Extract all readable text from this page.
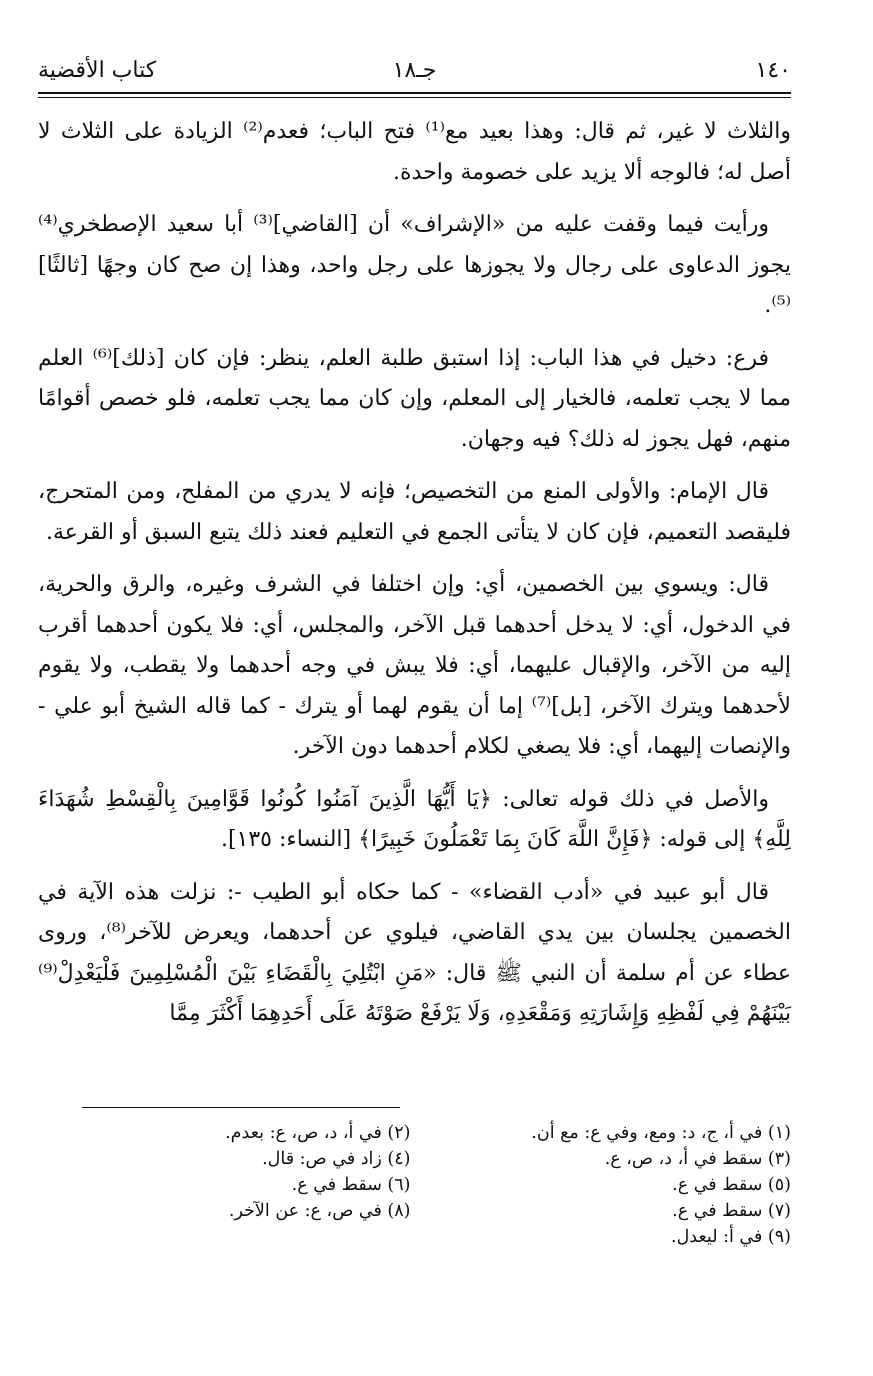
١٤٠
جـ١٨
كتاب الأقضية

والثلاث لا غير، ثم قال: وهذا بعيد مع⁽¹⁾ فتح الباب؛ فعدم⁽²⁾ الزيادة على الثلاث لا أصل له؛ فالوجه ألا يزيد على خصومة واحدة.

ورأيت فيما وقفت عليه من «الإشراف» أن [القاضي]⁽³⁾ أبا سعيد الإصطخري⁽⁴⁾ يجوز الدعاوى على رجال ولا يجوزها على رجل واحد، وهذا إن صح كان وجهًا [ثالثًا]⁽⁵⁾.

فرع: دخيل في هذا الباب: إذا استبق طلبة العلم، ينظر: فإن كان [ذلك]⁽⁶⁾ العلم مما لا يجب تعلمه، فالخيار إلى المعلم، وإن كان مما يجب تعلمه، فلو خصص أقوامًا منهم، فهل يجوز له ذلك؟ فيه وجهان.

قال الإمام: والأولى المنع من التخصيص؛ فإنه لا يدري من المفلح، ومن المتحرج، فليقصد التعميم، فإن كان لا يتأتى الجمع في التعليم فعند ذلك يتبع السبق أو القرعة.

قال: ويسوي بين الخصمين، أي: وإن اختلفا في الشرف وغيره، والرق والحرية، في الدخول، أي: لا يدخل أحدهما قبل الآخر، والمجلس، أي: فلا يكون أحدهما أقرب إليه من الآخر، والإقبال عليهما، أي: فلا يبش في وجه أحدهما ولا يقطب، ولا يقوم لأحدهما ويترك الآخر، [بل]⁽⁷⁾ إما أن يقوم لهما أو يترك - كما قاله الشيخ أبو علي - والإنصات إليهما، أي: فلا يصغي لكلام أحدهما دون الآخر.

والأصل في ذلك قوله تعالى: ﴿يَا أَيُّهَا الَّذِينَ آمَنُوا كُونُوا قَوَّامِينَ بِالْقِسْطِ شُهَدَاءَ لِلَّهِ﴾ إلى قوله: ﴿فَإِنَّ اللَّهَ كَانَ بِمَا تَعْمَلُونَ خَبِيرًا﴾ [النساء: ١٣٥].

قال أبو عبيد في «أدب القضاء» - كما حكاه أبو الطيب -: نزلت هذه الآية في الخصمين يجلسان بين يدي القاضي، فيلوي عن أحدهما، ويعرض للآخر⁽⁸⁾، وروى عطاء عن أم سلمة أن النبي ﷺ قال: «مَنِ ابْتُلِيَ بِالْقَضَاءِ بَيْنَ الْمُسْلِمِينَ فَلْيَعْدِلْ⁽⁹⁾ بَيْنَهُمْ فِي لَفْظِهِ وَإِشَارَتِهِ وَمَقْعَدِهِ، وَلَا يَرْفَعْ صَوْتَهُ عَلَى أَحَدِهِمَا أَكْثَرَ مِمَّا

(١) في أ، ج، د: ومع، وفي ع: مع أن.
(٢) في أ، د، ص، ع: بعدم.
(٣) سقط في أ، د، ص، ع.
(٤) زاد في ص: قال.
(٥) سقط في ع.
(٦) سقط في ع.
(٧) سقط في ع.
(٨) في ص، ع: عن الآخر.
(٩) في أ: ليعدل.
